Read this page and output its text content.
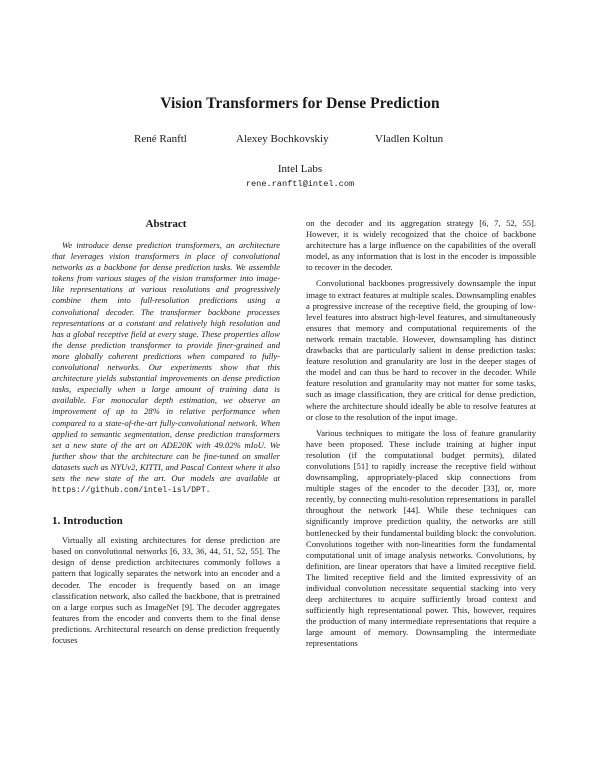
Vision Transformers for Dense Prediction
René Ranftl	Alexey Bochkovskiy	Vladlen Koltun
Intel Labs
rene.ranftl@intel.com
Abstract

We introduce dense prediction transformers, an architecture that leverages vision transformers in place of convolutional networks as a backbone for dense prediction tasks. We assemble tokens from various stages of the vision transformer into image-like representations at various resolutions and progressively combine them into full-resolution predictions using a convolutional decoder. The transformer backbone processes representations at a constant and relatively high resolution and has a global receptive field at every stage. These properties allow the dense prediction transformer to provide finer-grained and more globally coherent predictions when compared to fully-convolutional networks. Our experiments show that this architecture yields substantial improvements on dense prediction tasks, especially when a large amount of training data is available. For monocular depth estimation, we observe an improvement of up to 28% in relative performance when compared to a state-of-the-art fully-convolutional network. When applied to semantic segmentation, dense prediction transformers set a new state of the art on ADE20K with 49.02% mIoU. We further show that the architecture can be fine-tuned on smaller datasets such as NYUv2, KITTI, and Pascal Context where it also sets the new state of the art. Our models are available at https://github.com/intel-isl/DPT.

1. Introduction

Virtually all existing architectures for dense prediction are based on convolutional networks [6, 33, 36, 44, 51, 52, 55]. The design of dense prediction architectures commonly follows a pattern that logically separates the network into an encoder and a decoder. The encoder is frequently based on an image classification network, also called the backbone, that is pretrained on a large corpus such as ImageNet [9]. The decoder aggregates features from the encoder and converts them to the final dense predictions. Architectural research on dense prediction frequently focuses

on the decoder and its aggregation strategy [6, 7, 52, 55]. However, it is widely recognized that the choice of backbone architecture has a large influence on the capabilities of the overall model, as any information that is lost in the encoder is impossible to recover in the decoder.

Convolutional backbones progressively downsample the input image to extract features at multiple scales. Downsampling enables a progressive increase of the receptive field, the grouping of low-level features into abstract high-level features, and simultaneously ensures that memory and computational requirements of the network remain tractable. However, downsampling has distinct drawbacks that are particularly salient in dense prediction tasks: feature resolution and granularity are lost in the deeper stages of the model and can thus be hard to recover in the decoder. While feature resolution and granularity may not matter for some tasks, such as image classification, they are critical for dense prediction, where the architecture should ideally be able to resolve features at or close to the resolution of the input image.

Various techniques to mitigate the loss of feature granularity have been proposed. These include training at higher input resolution (if the computational budget permits), dilated convolutions [51] to rapidly increase the receptive field without downsampling, appropriately-placed skip connections from multiple stages of the encoder to the decoder [33], or, more recently, by connecting multi-resolution representations in parallel throughout the network [44]. While these techniques can significantly improve prediction quality, the networks are still bottlenecked by their fundamental building block: the convolution. Convolutions together with non-linearities form the fundamental computational unit of image analysis networks. Convolutions, by definition, are linear operators that have a limited receptive field. The limited receptive field and the limited expressivity of an individual convolution necessitate sequential stacking into very deep architectures to acquire sufficiently broad context and sufficiently high representational power. This, however, requires the production of many intermediate representations that require a large amount of memory. Downsampling the intermediate representations
